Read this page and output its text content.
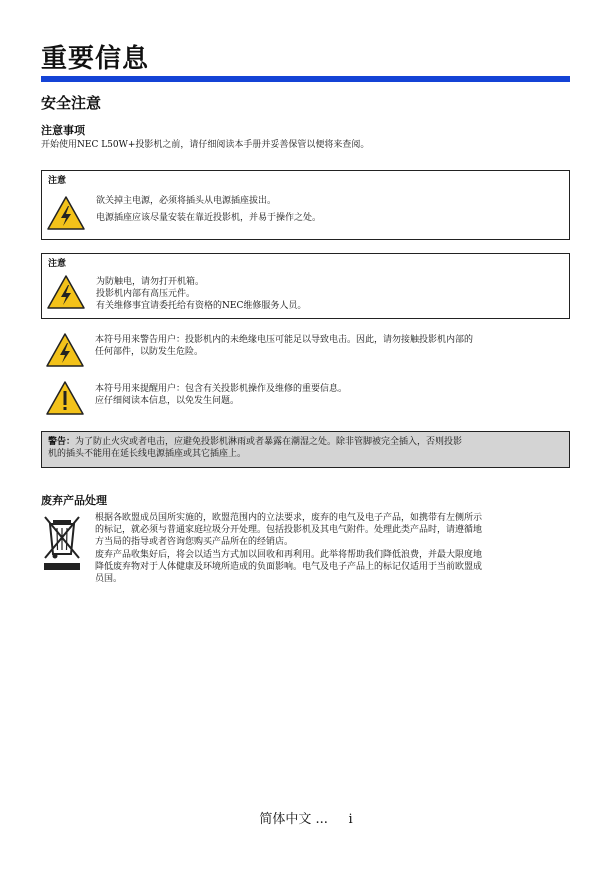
重要信息
安全注意
注意事项
开始使用NEC L50W+投影机之前，请仔细阅读本手册并妥善保管以便将来查阅。
注意
欲关掉主电源，必须将插头从电源插座拔出。
电源插座应该尽量安装在靠近投影机，并易于操作之处。
注意
为防触电，请勿打开机箱。
投影机内部有高压元件。
有关维修事宜请委托给有资格的NEC维修服务人员。
本符号用来警告用户：投影机内的未绝缘电压可能足以导致电击。因此，请勿接触投影机内部的
任何部件，以防发生危险。
本符号用来提醒用户：包含有关投影机操作及维修的重要信息。
应仔细阅读本信息，以免发生问题。
警告：为了防止火灾或者电击，应避免投影机淋雨或者暴露在潮湿之处。除非管脚被完全插入，否则投影
机的插头不能用在延长线电源插座或其它插座上。
废弃产品处理
根据各欧盟成员国所实施的，欧盟范围内的立法要求，废弃的电气及电子产品，如携带有左侧所示
的标记，就必须与普通家庭垃圾分开处理。包括投影机及其电气附件。处理此类产品时，请遵循地
方当局的指导或者咨询您购买产品所在的经销店。
废弃产品收集好后，将会以适当方式加以回收和再利用。此举将帮助我们降低浪费，并最大限度地
降低废弃物对于人体健康及环境所造成的负面影响。电气及电子产品上的标记仅适用于当前欧盟成
员国。
简体中文 ...     i
